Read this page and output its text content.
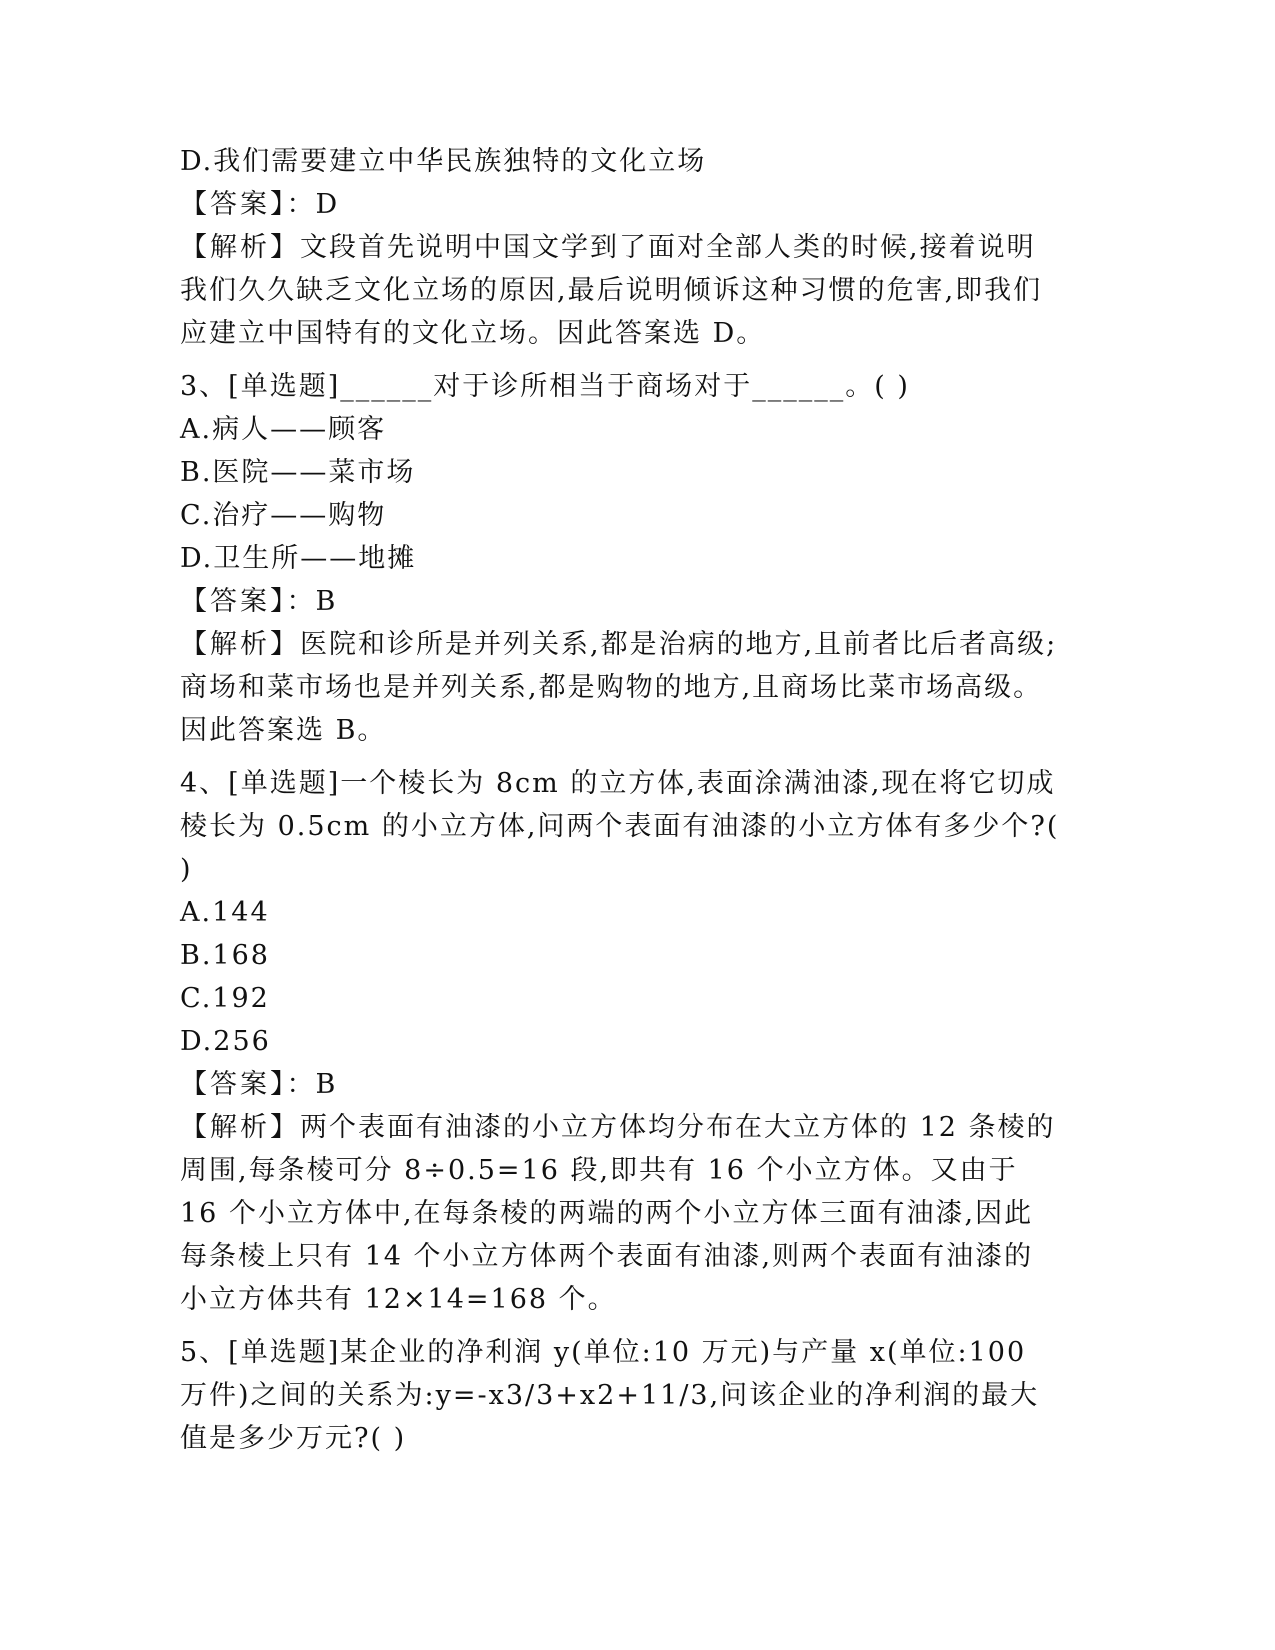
D.我们需要建立中华民族独特的文化立场
【答案】：D
【解析】文段首先说明中国文学到了面对全部人类的时候,接着说明我们久久缺乏文化立场的原因,最后说明倾诉这种习惯的危害,即我们应建立中国特有的文化立场。因此答案选 D。
3、[单选题]______对于诊所相当于商场对于______。( )
A.病人——顾客
B.医院——菜市场
C.治疗——购物
D.卫生所——地摊
【答案】：B
【解析】医院和诊所是并列关系,都是治病的地方,且前者比后者高级;商场和菜市场也是并列关系,都是购物的地方,且商场比菜市场高级。因此答案选 B。
4、[单选题]一个棱长为 8cm 的立方体,表面涂满油漆,现在将它切成棱长为 0.5cm 的小立方体,问两个表面有油漆的小立方体有多少个?( )
A.144
B.168
C.192
D.256
【答案】：B
【解析】两个表面有油漆的小立方体均分布在大立方体的 12 条棱的周围,每条棱可分 8÷0.5=16 段,即共有 16 个小立方体。又由于 16 个小立方体中,在每条棱的两端的两个小立方体三面有油漆,因此每条棱上只有 14 个小立方体两个表面有油漆,则两个表面有油漆的小立方体共有 12×14=168 个。
5、[单选题]某企业的净利润 y(单位:10 万元)与产量 x(单位:100 万件)之间的关系为:y=-x3/3+x2+11/3,问该企业的净利润的最大值是多少万元?( )
